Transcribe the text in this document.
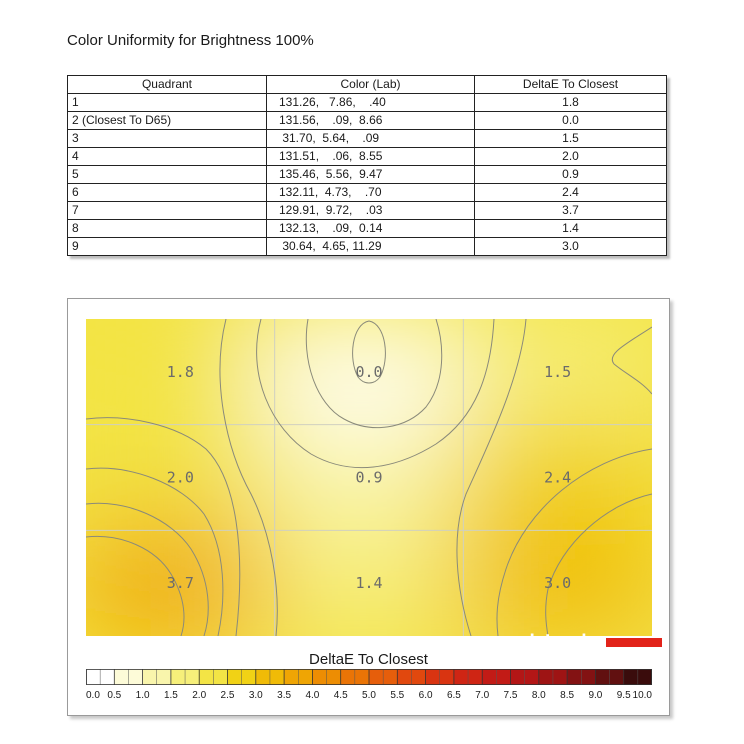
Color Uniformity for Brightness 100%
Quadrant	Color (Lab)	DeltaE To Closest
1	131.26,   7.86,    .40	1.8
2 (Closest To D65)	131.56,    .09,  8.66	0.0
3	31.70,  5.64,    .09	1.5
4	131.51,    .06,  8.55	2.0
5	135.46,  5.56,  9.47	0.9
6	132.11,  4.73,    .70	2.4
7	129.91,  9.72,    .03	3.7
8	132.13,    .09,  0.14	1.4
9	30.64,  4.65, 11.29	3.0
1.8	0.0	1.5
2.0	0.9	2.4
3.7	1.4	3.0
datacolor
DeltaE To Closest
0.0 0.5 1.0 1.5 2.0 2.5 3.0 3.5 4.0 4.5 5.0 5.5 6.0 6.5 7.0 7.5 8.0 8.5 9.0 9.5 10.0
